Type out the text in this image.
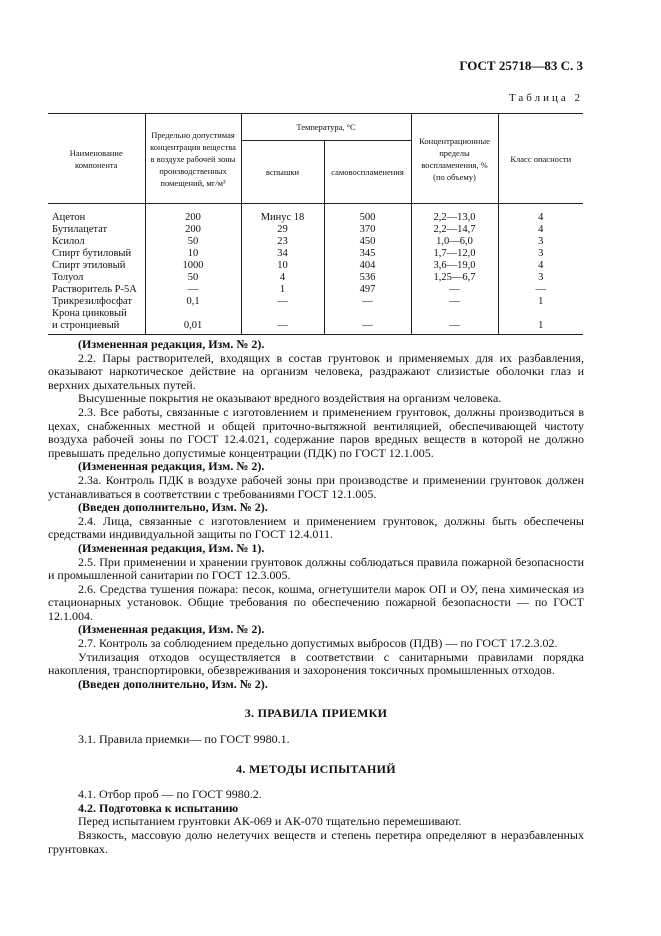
ГОСТ 25718—83 С. 3
Таблица 2
Наименование компонента	Предельно допустимая концентрация вещества в воздухе рабочей зоны производственных помещений, мг/м³	Температура, °С		Концентрационные пределы воспламенения, % (по объему)	Класс опасности
		вспышки	самовоспламенения		

Ацетон	200	Минус 18	500	2,2—13,0	4
Бутилацетат	200	29	370	2,2—14,7	4
Ксилол	50	23	450	1,0—6,0	3
Спирт бутиловый	10	34	345	1,7—12,0	3
Спирт этиловый	1000	10	404	3,6—19,0	4
Толуол	50	4	536	1,25—6,7	3
Растворитель Р-5А	—	1	497	—	—
Трикрезилфосфат	0,1	—	—	—	1
Крона цинковый					
и стронциевый	0,01	—	—	—	1

(Измененная редакция, Изм. № 2).

2.2. Пары растворителей, входящих в состав грунтовок и применяемых для их разбавления, оказывают наркотическое действие на организм человека, раздражают слизистые оболочки глаз и верхних дыхательных путей.

Высушенные покрытия не оказывают вредного воздействия на организм человека.

2.3. Все работы, связанные с изготовлением и применением грунтовок, должны производиться в цехах, снабженных местной и общей приточно-вытяжной вентиляцией, обеспечивающей чистоту воздуха рабочей зоны по ГОСТ 12.4.021, содержание паров вредных веществ в которой не должно превышать предельно допустимые концентрации (ПДК) по ГОСТ 12.1.005.

(Измененная редакция, Изм. № 2).

2.3а. Контроль ПДК в воздухе рабочей зоны при производстве и применении грунтовок должен устанавливаться в соответствии с требованиями ГОСТ 12.1.005.

(Введен дополнительно, Изм. № 2).

2.4. Лица, связанные с изготовлением и применением грунтовок, должны быть обеспечены средствами индивидуальной защиты по ГОСТ 12.4.011.

(Измененная редакция, Изм. № 1).

2.5. При применении и хранении грунтовок должны соблюдаться правила пожарной безопасности и промышленной санитарии по ГОСТ 12.3.005.

2.6. Средства тушения пожара: песок, кошма, огнетушители марок ОП и ОУ, пена химическая из стационарных установок. Общие требования по обеспечению пожарной безопасности — по ГОСТ 12.1.004.

(Измененная редакция, Изм. № 2).

2.7. Контроль за соблюдением предельно допустимых выбросов (ПДВ) — по ГОСТ 17.2.3.02.

Утилизация отходов осуществляется в соответствии с санитарными правилами порядка накопления, транспортировки, обезвреживания и захоронения токсичных промышленных отходов.

(Введен дополнительно, Изм. № 2).

3. ПРАВИЛА ПРИЕМКИ

3.1. Правила приемки— по ГОСТ 9980.1.

4. МЕТОДЫ ИСПЫТАНИЙ

4.1. Отбор проб — по ГОСТ 9980.2.

4.2. Подготовка к испытанию

Перед испытанием грунтовки АК-069 и АК-070 тщательно перемешивают.

Вязкость, массовую долю нелетучих веществ и степень перетира определяют в неразбавленных грунтовках.
